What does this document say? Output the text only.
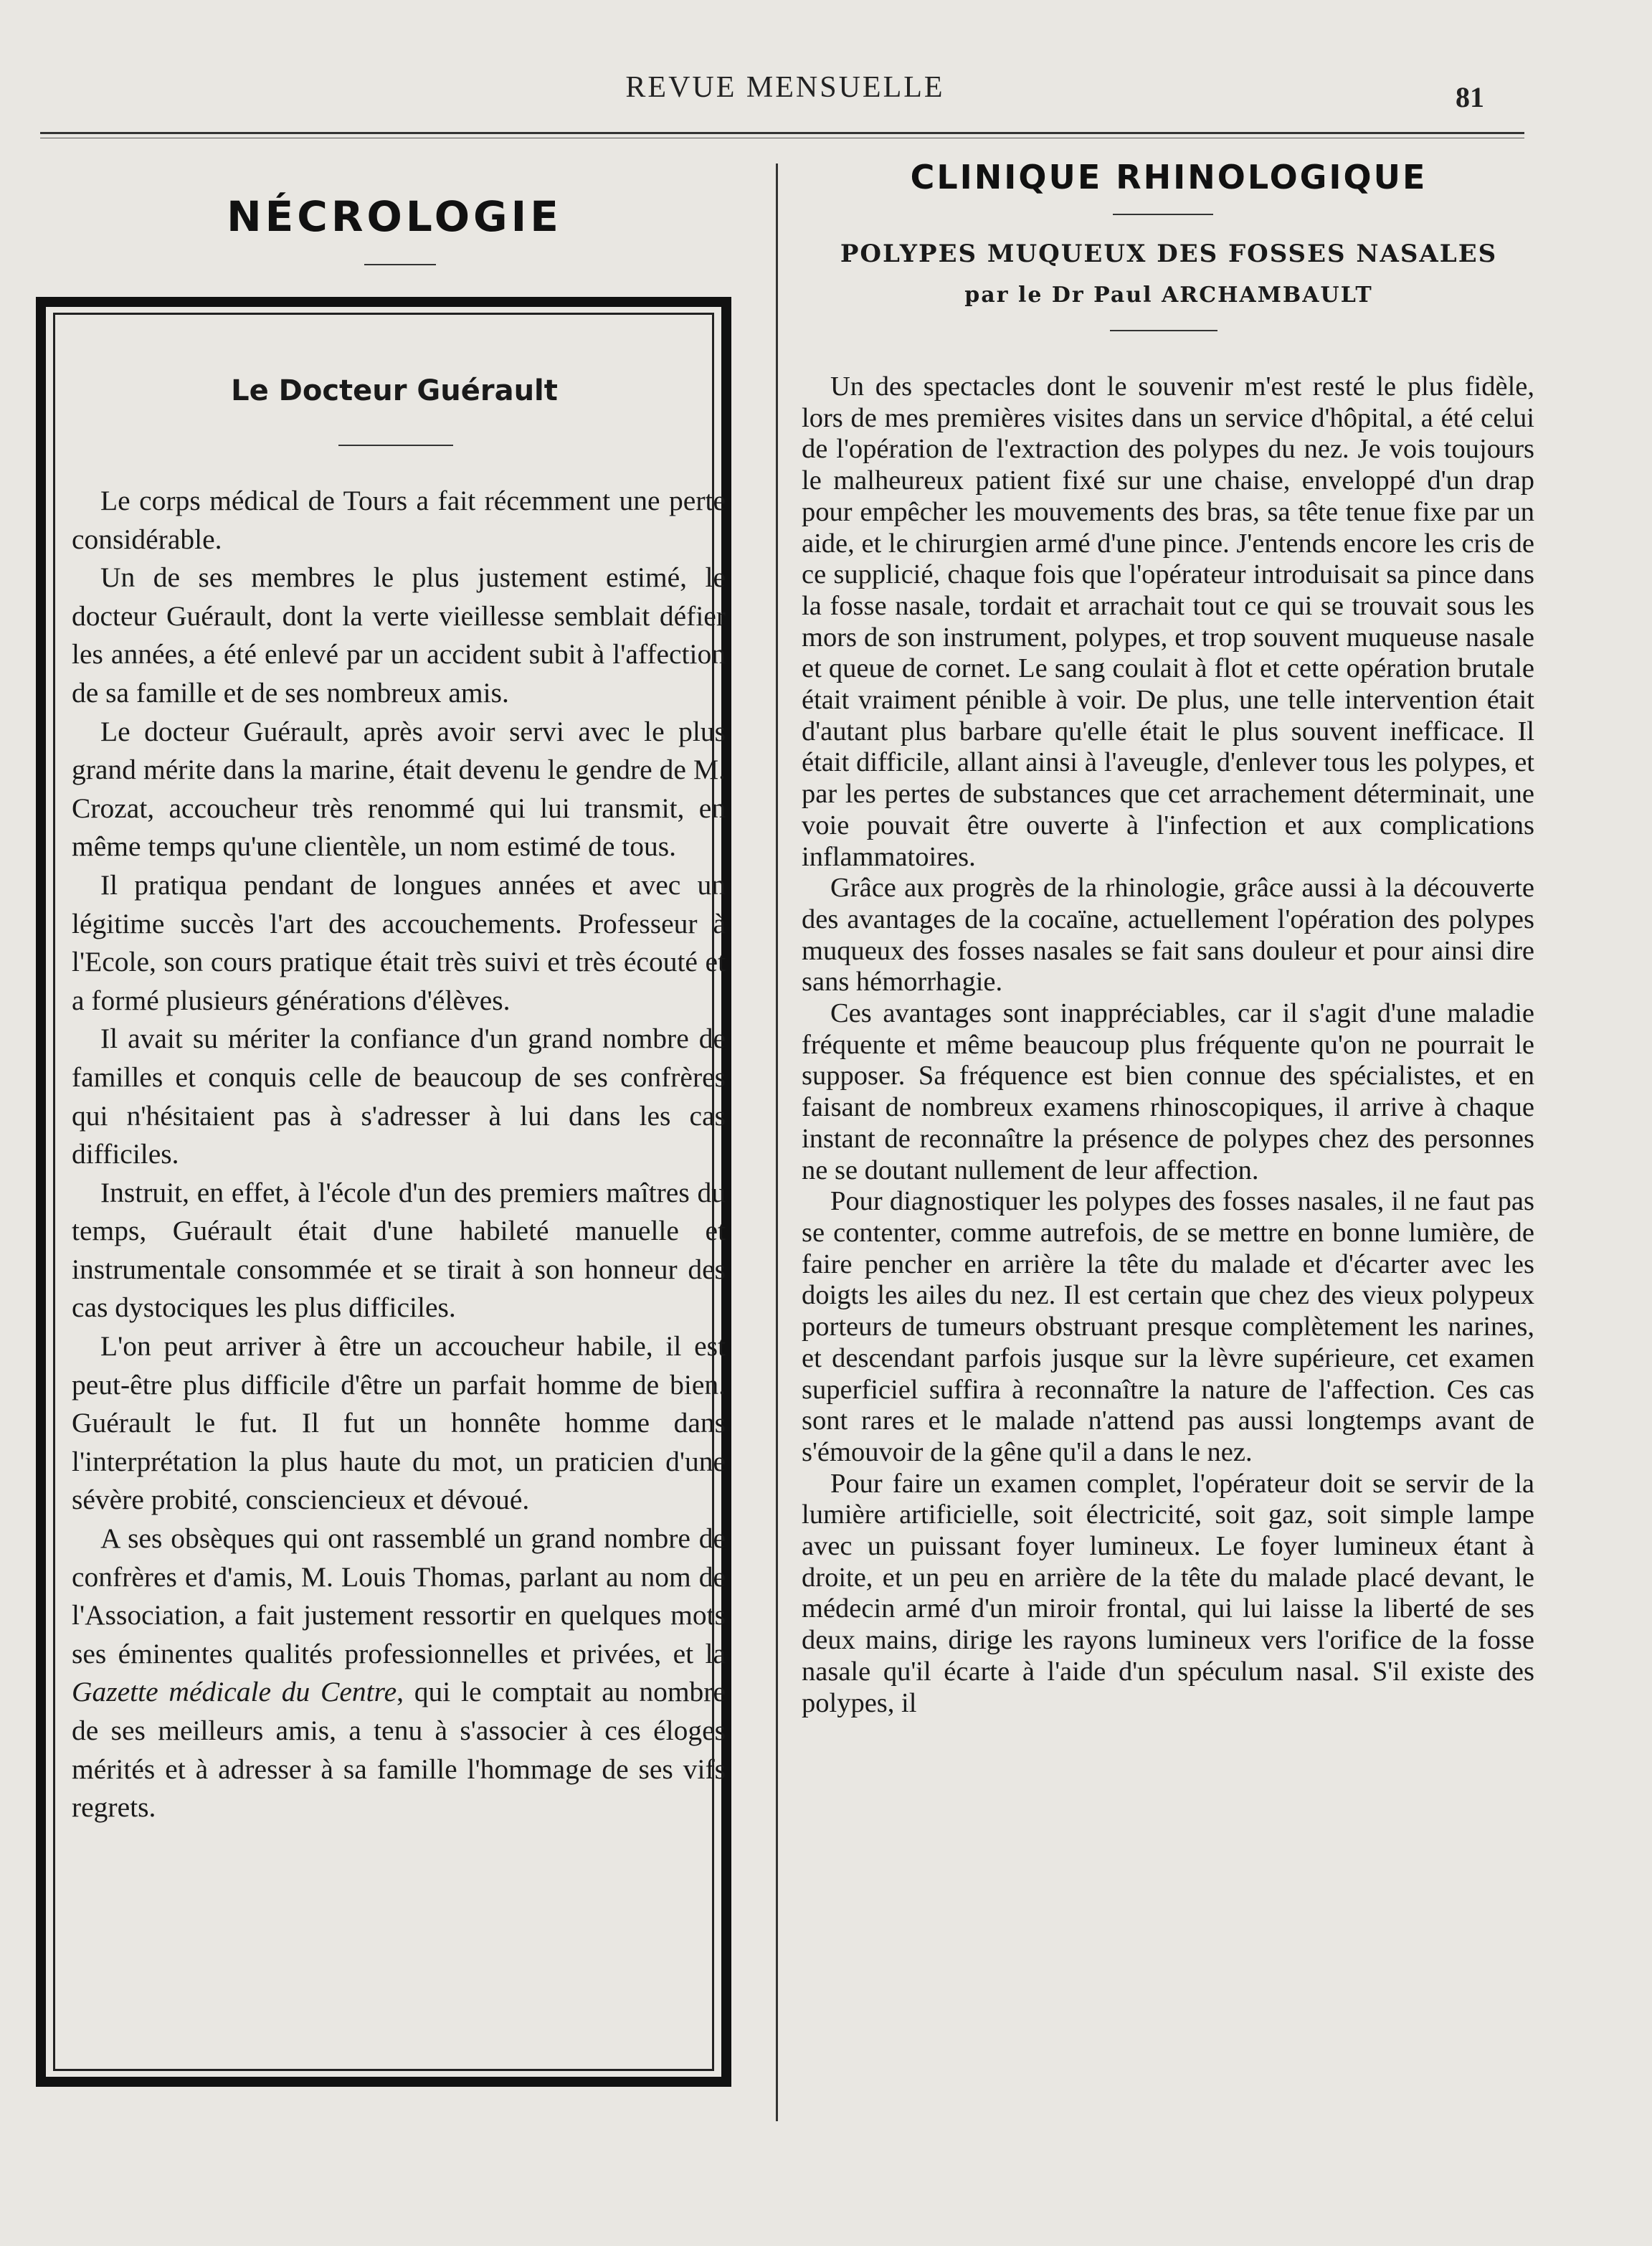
REVUE MENSUELLE	81
NÉCROLOGIE
Le Docteur Guérault

Le corps médical de Tours a fait récemment une perte considérable.

Un de ses membres le plus justement estimé, le docteur Guérault, dont la verte vieillesse semblait défier les années, a été enlevé par un accident subit à l'affection de sa famille et de ses nombreux amis.

Le docteur Guérault, après avoir servi avec le plus grand mérite dans la marine, était devenu le gendre de M. Crozat, accoucheur très renommé qui lui transmit, en même temps qu'une clientèle, un nom estimé de tous.

Il pratiqua pendant de longues années et avec un légitime succès l'art des accouchements. Professeur à l'Ecole, son cours pratique était très suivi et très écouté et a formé plusieurs générations d'élèves.

Il avait su mériter la confiance d'un grand nombre de familles et conquis celle de beaucoup de ses confrères qui n'hésitaient pas à s'adresser à lui dans les cas difficiles.

Instruit, en effet, à l'école d'un des premiers maîtres du temps, Guérault était d'une habileté manuelle et instrumentale consommée et se tirait à son honneur des cas dystociques les plus difficiles.

L'on peut arriver à être un accoucheur habile, il est peut-être plus difficile d'être un parfait homme de bien. Guérault le fut. Il fut un honnête homme dans l'interprétation la plus haute du mot, un praticien d'une sévère probité, consciencieux et dévoué.

A ses obsèques qui ont rassemblé un grand nombre de confrères et d'amis, M. Louis Thomas, parlant au nom de l'Association, a fait justement ressortir en quelques mots ses éminentes qualités professionnelles et privées, et la Gazette médicale du Centre, qui le comptait au nombre de ses meilleurs amis, a tenu à s'associer à ces éloges mérités et à adresser à sa famille l'hommage de ses vifs regrets.

CLINIQUE RHINOLOGIQUE
POLYPES MUQUEUX DES FOSSES NASALES
par le Dr Paul ARCHAMBAULT

Un des spectacles dont le souvenir m'est resté le plus fidèle, lors de mes premières visites dans un service d'hôpital, a été celui de l'opération de l'extraction des polypes du nez. Je vois toujours le malheureux patient fixé sur une chaise, enveloppé d'un drap pour empêcher les mouvements des bras, sa tête tenue fixe par un aide, et le chirurgien armé d'une pince. J'entends encore les cris de ce supplicié, chaque fois que l'opérateur introduisait sa pince dans la fosse nasale, tordait et arrachait tout ce qui se trouvait sous les mors de son instrument, polypes, et trop souvent muqueuse nasale et queue de cornet. Le sang coulait à flot et cette opération brutale était vraiment pénible à voir. De plus, une telle intervention était d'autant plus barbare qu'elle était le plus souvent inefficace. Il était difficile, allant ainsi à l'aveugle, d'enlever tous les polypes, et par les pertes de substances que cet arrachement déterminait, une voie pouvait être ouverte à l'infection et aux complications inflammatoires.

Grâce aux progrès de la rhinologie, grâce aussi à la découverte des avantages de la cocaïne, actuellement l'opération des polypes muqueux des fosses nasales se fait sans douleur et pour ainsi dire sans hémorrhagie.

Ces avantages sont inappréciables, car il s'agit d'une maladie fréquente et même beaucoup plus fréquente qu'on ne pourrait le supposer. Sa fréquence est bien connue des spécialistes, et en faisant de nombreux examens rhinoscopiques, il arrive à chaque instant de reconnaître la présence de polypes chez des personnes ne se doutant nullement de leur affection.

Pour diagnostiquer les polypes des fosses nasales, il ne faut pas se contenter, comme autrefois, de se mettre en bonne lumière, de faire pencher en arrière la tête du malade et d'écarter avec les doigts les ailes du nez. Il est certain que chez des vieux polypeux porteurs de tumeurs obstruant presque complètement les narines, et descendant parfois jusque sur la lèvre supérieure, cet examen superficiel suffira à reconnaître la nature de l'affection. Ces cas sont rares et le malade n'attend pas aussi longtemps avant de s'émouvoir de la gêne qu'il a dans le nez.

Pour faire un examen complet, l'opérateur doit se servir de la lumière artificielle, soit électricité, soit gaz, soit simple lampe avec un puissant foyer lumineux. Le foyer lumineux étant à droite, et un peu en arrière de la tête du malade placé devant, le médecin armé d'un miroir frontal, qui lui laisse la liberté de ses deux mains, dirige les rayons lumineux vers l'orifice de la fosse nasale qu'il écarte à l'aide d'un spéculum nasal. S'il existe des polypes, il
